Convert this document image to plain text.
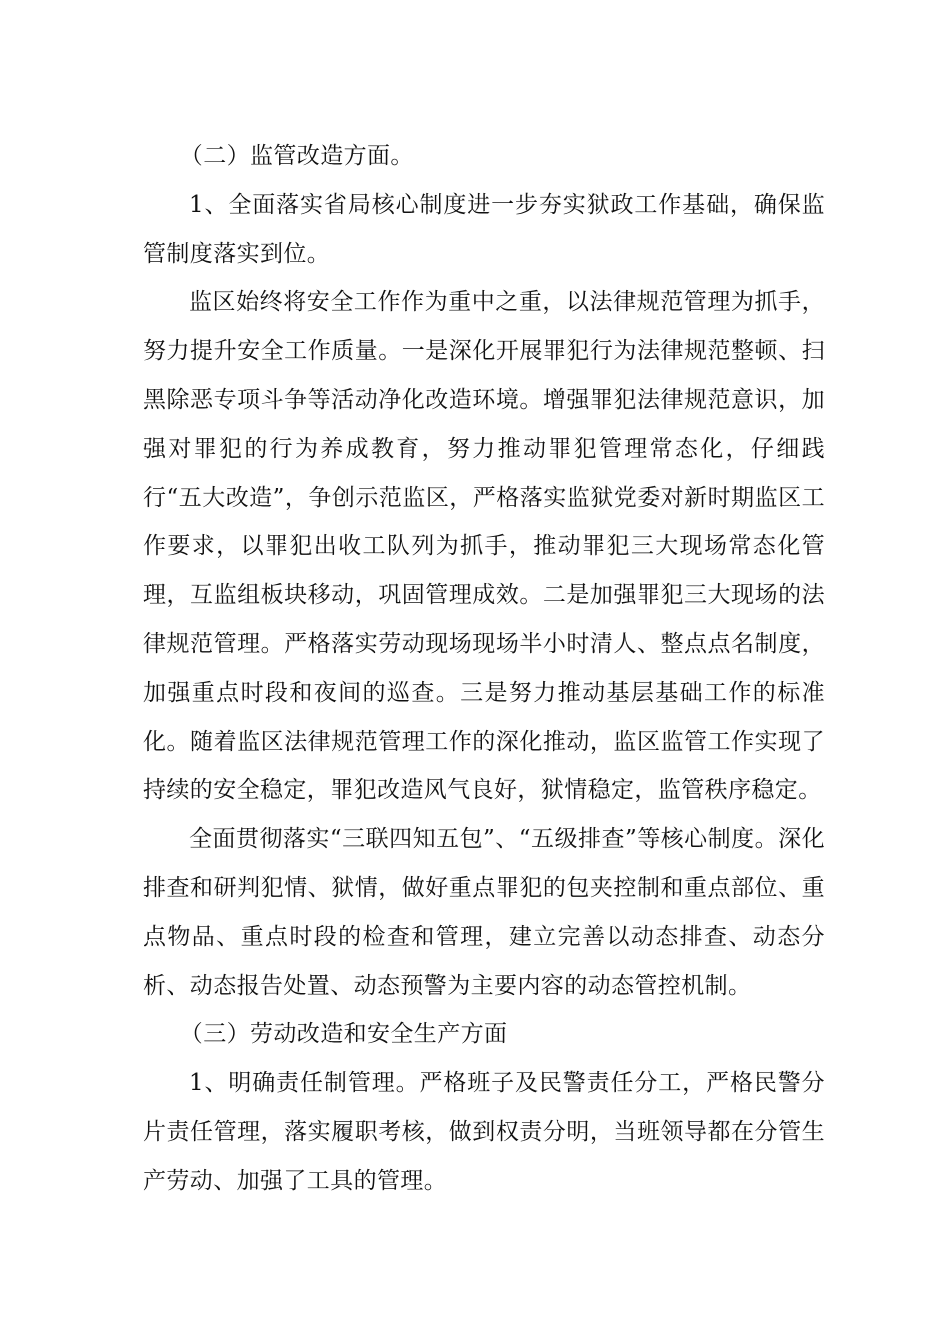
（二）监管改造方面。

1、全面落实省局核心制度进一步夯实狱政工作基础，确保监管制度落实到位。

监区始终将安全工作作为重中之重，以法律规范管理为抓手，努力提升安全工作质量。一是深化开展罪犯行为法律规范整顿、扫黑除恶专项斗争等活动净化改造环境。增强罪犯法律规范意识，加强对罪犯的行为养成教育，努力推动罪犯管理常态化，仔细践行“五大改造”，争创示范监区，严格落实监狱党委对新时期监区工作要求，以罪犯出收工队列为抓手，推动罪犯三大现场常态化管理，互监组板块移动，巩固管理成效。二是加强罪犯三大现场的法律规范管理。严格落实劳动现场现场半小时清人、整点点名制度，加强重点时段和夜间的巡查。三是努力推动基层基础工作的标准化。随着监区法律规范管理工作的深化推动，监区监管工作实现了持续的安全稳定，罪犯改造风气良好，狱情稳定，监管秩序稳定。

全面贯彻落实“三联四知五包”、“五级排查”等核心制度。深化排查和研判犯情、狱情，做好重点罪犯的包夹控制和重点部位、重点物品、重点时段的检查和管理，建立完善以动态排查、动态分析、动态报告处置、动态预警为主要内容的动态管控机制。

（三）劳动改造和安全生产方面

1、明确责任制管理。严格班子及民警责任分工，严格民警分片责任管理，落实履职考核，做到权责分明，当班领导都在分管生产劳动、加强了工具的管理。
